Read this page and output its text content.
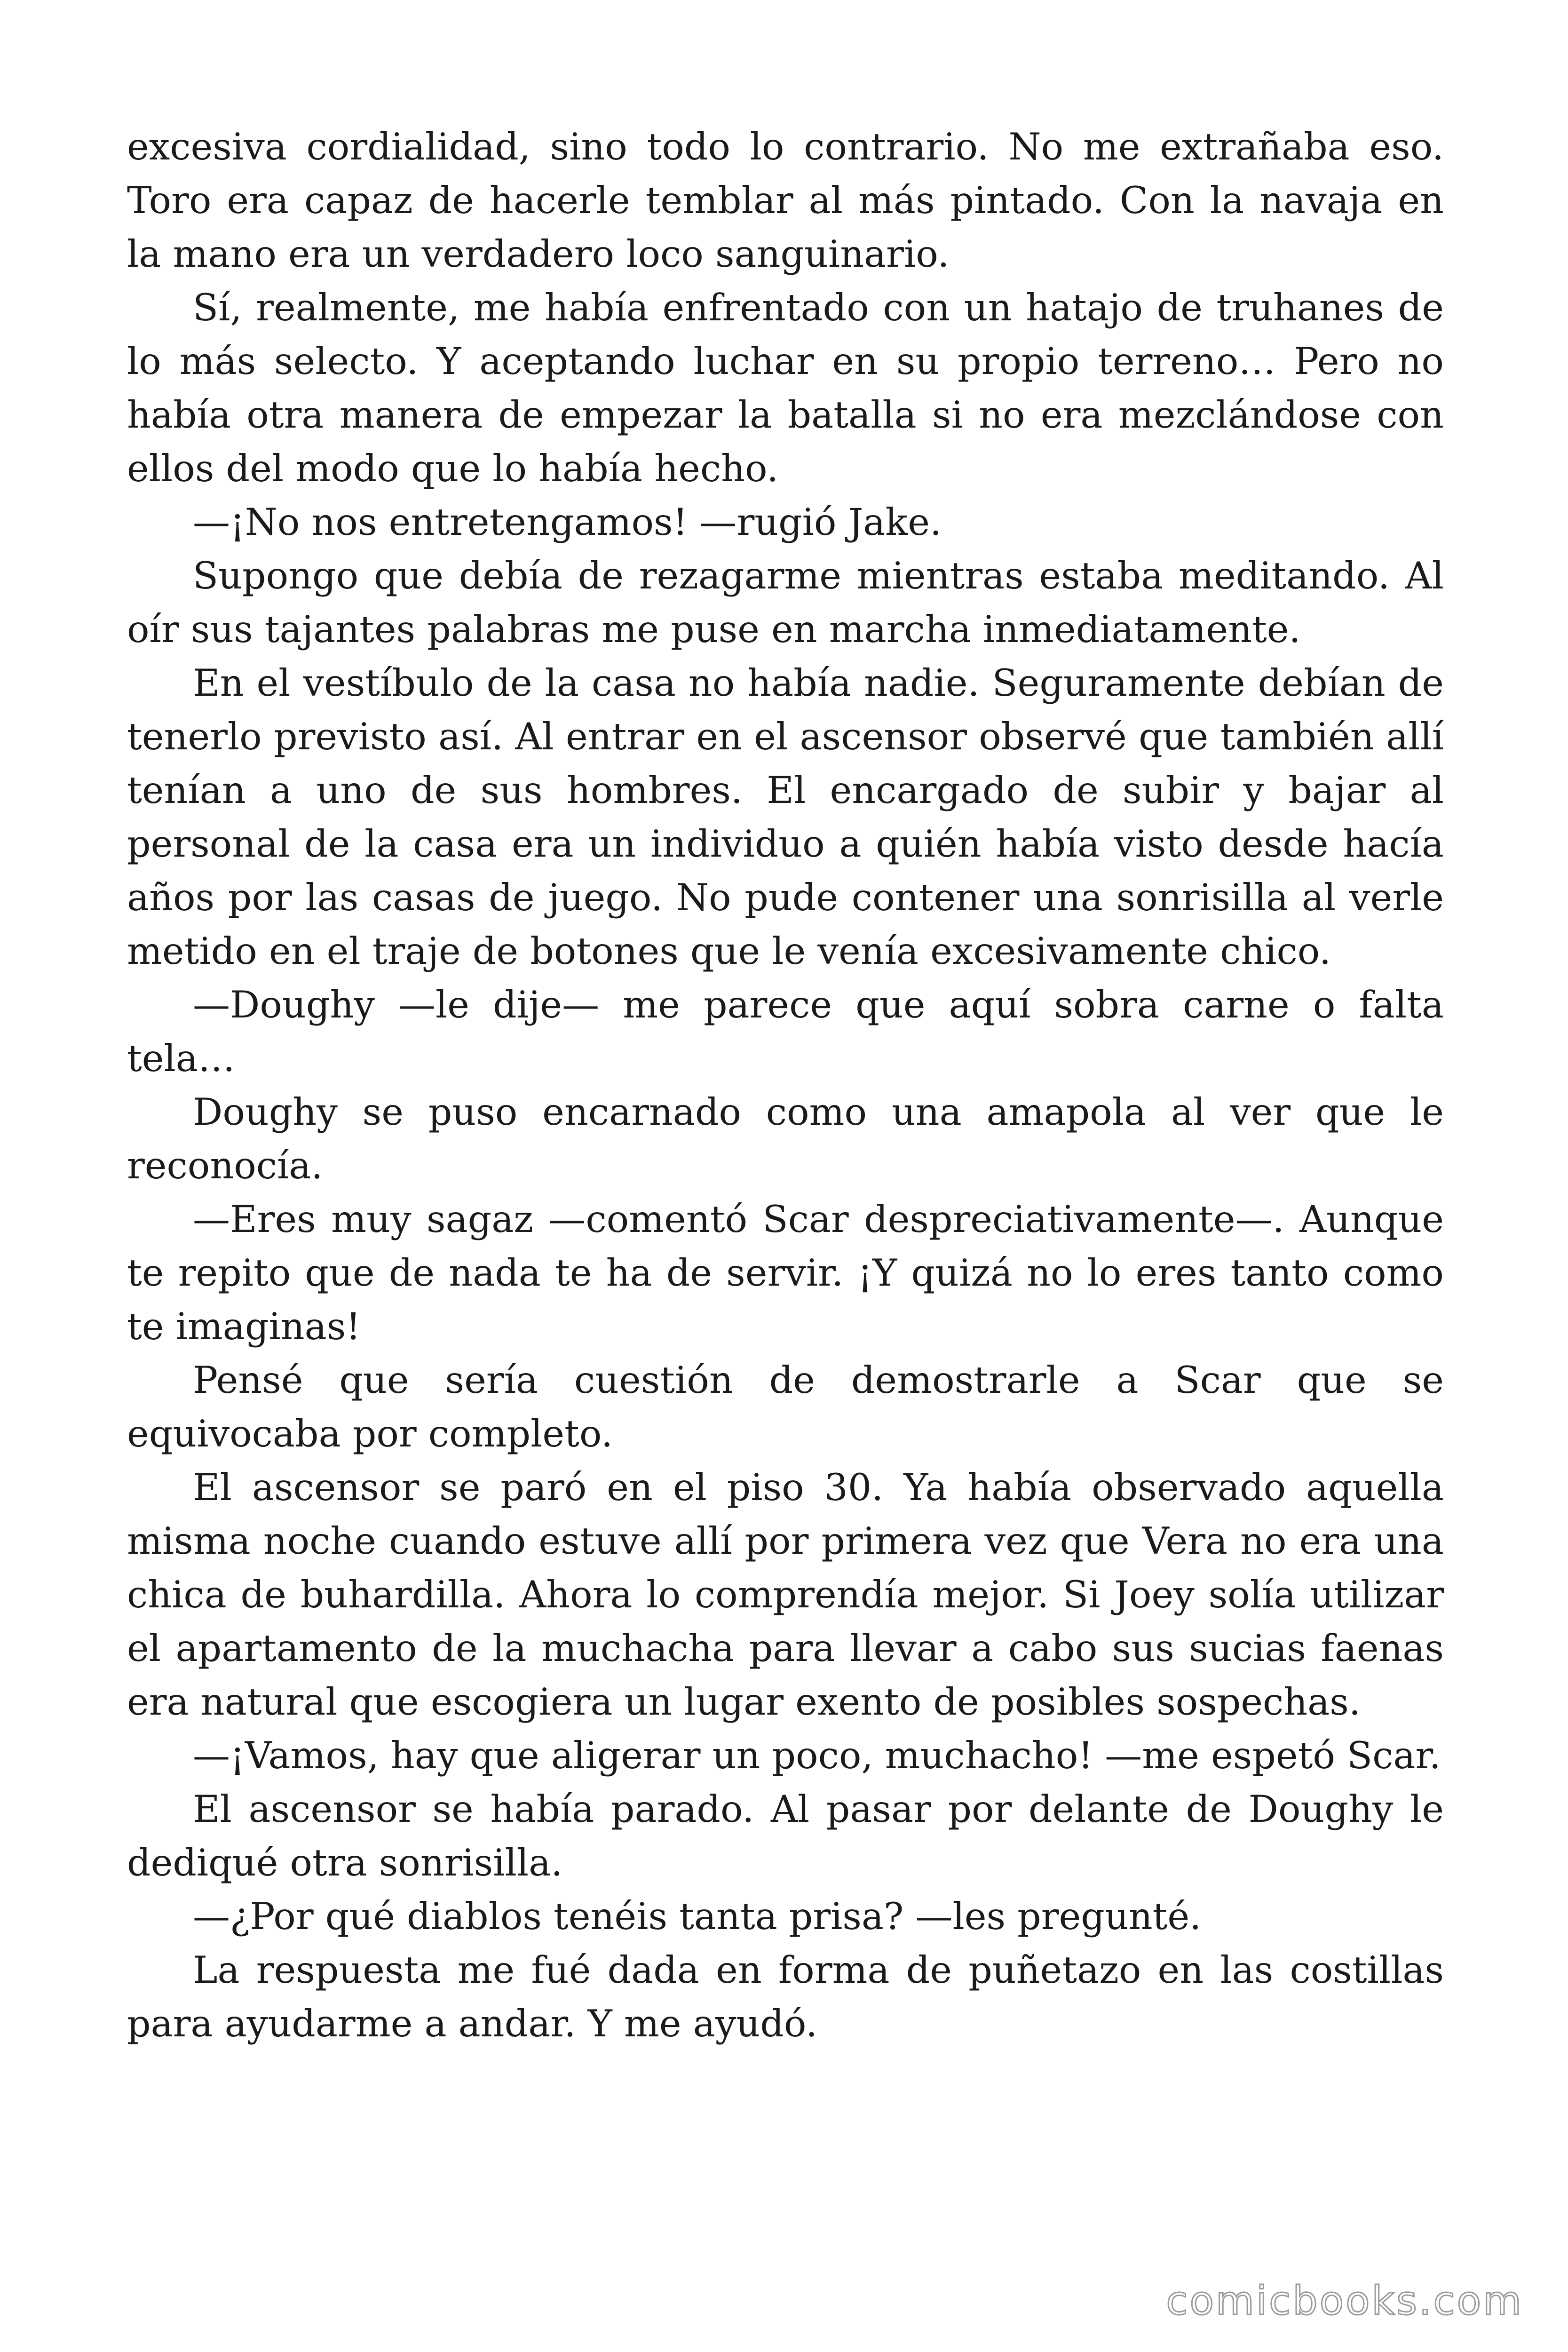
excesiva cordialidad, sino todo lo contrario. No me extrañaba eso. Toro era capaz de hacerle temblar al más pintado. Con la navaja en la mano era un verdadero loco sanguinario.

Sí, realmente, me había enfrentado con un hatajo de truhanes de lo más selecto. Y aceptando luchar en su propio terreno… Pero no había otra manera de empezar la batalla si no era mezclándose con ellos del modo que lo había hecho.

—¡No nos entretengamos! —rugió Jake.

Supongo que debía de rezagarme mientras estaba meditando. Al oír sus tajantes palabras me puse en marcha inmediatamente.

En el vestíbulo de la casa no había nadie. Seguramente debían de tenerlo previsto así. Al entrar en el ascensor observé que también allí tenían a uno de sus hombres. El encargado de subir y bajar al personal de la casa era un individuo a quién había visto desde hacía años por las casas de juego. No pude contener una sonrisilla al verle metido en el traje de botones que le venía excesivamente chico.

—Doughy —le dije— me parece que aquí sobra carne o falta tela…

Doughy se puso encarnado como una amapola al ver que le reconocía.

—Eres muy sagaz —comentó Scar despreciativamente—. Aunque te repito que de nada te ha de servir. ¡Y quizá no lo eres tanto como te imaginas!

Pensé que sería cuestión de demostrarle a Scar que se equivocaba por completo.

El ascensor se paró en el piso 30. Ya había observado aquella misma noche cuando estuve allí por primera vez que Vera no era una chica de buhardilla. Ahora lo comprendía mejor. Si Joey solía utilizar el apartamento de la muchacha para llevar a cabo sus sucias faenas era natural que escogiera un lugar exento de posibles sospechas.

—¡Vamos, hay que aligerar un poco, muchacho! —me espetó Scar.

El ascensor se había parado. Al pasar por delante de Doughy le dediqué otra sonrisilla.

—¿Por qué diablos tenéis tanta prisa? —les pregunté.

La respuesta me fué dada en forma de puñetazo en las costillas para ayudarme a andar. Y me ayudó.

comicbooks.com
